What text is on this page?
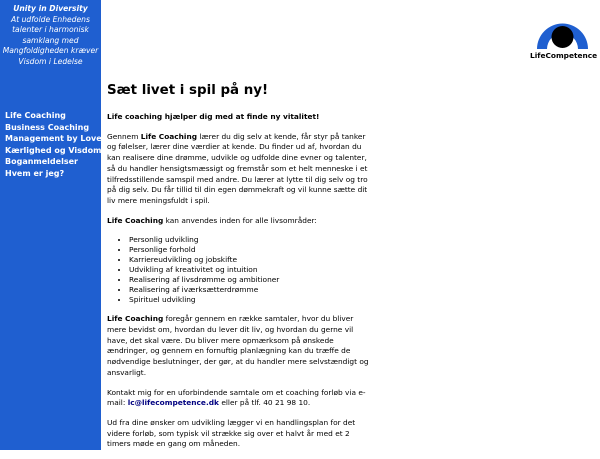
Unity in Diversity
At udfolde Enhedens talenter i harmonisk samklang med Mangfoldigheden kræver Visdom i Ledelse
Life Coaching
Business Coaching
Management by Love
Kærlighed og Visdom
Boganmeldelser
Hvem er jeg?
LifeCompetence
Sæt livet i spil på ny!

Life coaching hjælper dig med at finde ny vitalitet!

Gennem Life Coaching lærer du dig selv at kende, får styr på tanker og følelser, lærer dine værdier at kende. Du finder ud af, hvordan du kan realisere dine drømme, udvikle og udfolde dine evner og talenter, så du handler hensigtsmæssigt og fremstår som et helt menneske i et tilfredsstillende samspil med andre. Du lærer at lytte til dig selv og tro på dig selv. Du får tillid til din egen dømmekraft og vil kunne sætte dit liv mere meningsfuldt i spil.

Life Coaching kan anvendes inden for alle livsområder:

• Personlig udvikling
• Personlige forhold
• Karriereudvikling og jobskifte
• Udvikling af kreativitet og intuition
• Realisering af livsdrømme og ambitioner
• Realisering af iværksætterdrømme
• Spirituel udvikling

Life Coaching foregår gennem en række samtaler, hvor du bliver mere bevidst om, hvordan du lever dit liv, og hvordan du gerne vil have, det skal være. Du bliver mere opmærksom på ønskede ændringer, og gennem en fornuftig planlægning kan du træffe de nødvendige beslutninger, der gør, at du handler mere selvstændigt og ansvarligt.

Kontakt mig for en uforbindende samtale om et coaching forløb via e-mail: lc@lifecompetence.dk eller på tlf. 40 21 98 10.

Ud fra dine ønsker om udvikling lægger vi en handlingsplan for det videre forløb, som typisk vil strække sig over et halvt år med et 2 timers møde en gang om måneden.
